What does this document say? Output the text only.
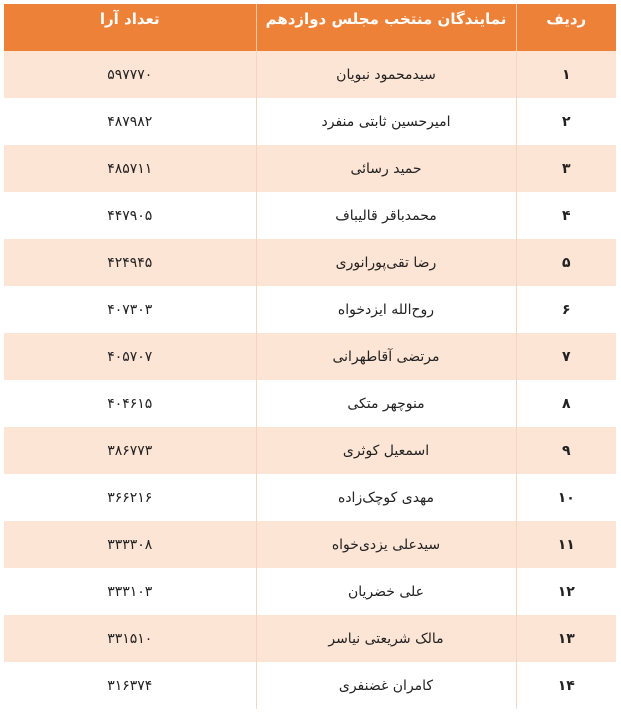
ردیف	نمایندگان منتخب مجلس دوازدهم	تعداد آرا
۱	سیدمحمود نبویان	۵۹۷۷۷۰
۲	امیرحسین ثابتی منفرد	۴۸۷۹۸۲
۳	حمید رسائی	۴۸۵۷۱۱
۴	محمدباقر قالیباف	۴۴۷۹۰۵
۵	رضا تقی‌پورانوری	۴۲۴۹۴۵
۶	روح‌الله ایزدخواه	۴۰۷۳۰۳
۷	مرتضی آقاطهرانی	۴۰۵۷۰۷
۸	منوچهر متکی	۴۰۴۶۱۵
۹	اسمعیل کوثری	۳۸۶۷۷۳
۱۰	مهدی کوچک‌زاده	۳۶۶۲۱۶
۱۱	سیدعلی یزدی‌خواه	۳۳۳۳۰۸
۱۲	علی خضریان	۳۳۳۱۰۳
۱۳	مالک شریعتی نیاسر	۳۳۱۵۱۰
۱۴	کامران غضنفری	۳۱۶۳۷۴
